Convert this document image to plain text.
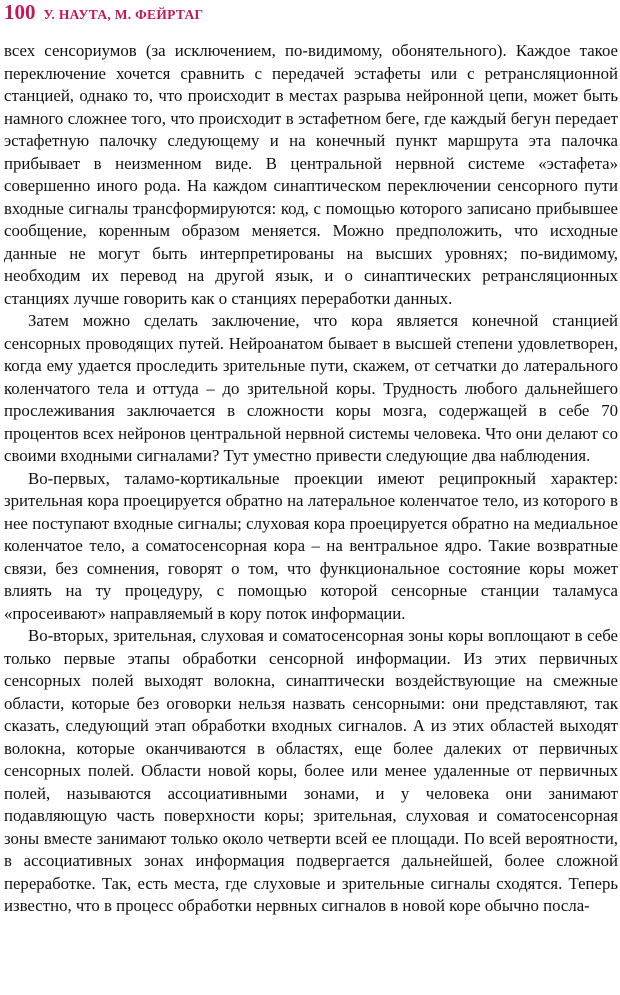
100 У. НАУТА, М. ФЕЙРТАГ

всех сенсориумов (за исключением, по-видимому, обонятельного). Каждое такое переключение хочется сравнить с передачей эстафеты или с ретрансляционной станцией, однако то, что происходит в местах разрыва нейронной цепи, может быть намного сложнее того, что происходит в эстафетном беге, где каждый бегун передает эстафетную палочку следующему и на конечный пункт маршрута эта палочка прибывает в неизменном виде. В центральной нервной системе «эстафета» совершенно иного рода. На каждом синаптическом переключении сенсорного пути входные сигналы трансформируются: код, с помощью которого записано прибывшее сообщение, коренным образом меняется. Можно предположить, что исходные данные не могут быть интерпретированы на высших уровнях; по-видимому, необходим их перевод на другой язык, и о синаптических ретрансляционных станциях лучше говорить как о станциях переработки данных.

Затем можно сделать заключение, что кора является конечной станцией сенсорных проводящих путей. Нейроанатом бывает в высшей степени удовлетворен, когда ему удается проследить зрительные пути, скажем, от сетчатки до латерального коленчатого тела и оттуда – до зрительной коры. Трудность любого дальнейшего прослеживания заключается в сложности коры мозга, содержащей в себе 70 процентов всех нейронов центральной нервной системы человека. Что они делают со своими входными сигналами? Тут уместно привести следующие два наблюдения.

Во-первых, таламо-кортикальные проекции имеют реципрокный характер: зрительная кора проецируется обратно на латеральное коленчатое тело, из которого в нее поступают входные сигналы; слуховая кора проецируется обратно на медиальное коленчатое тело, а соматосенсорная кора – на вентральное ядро. Такие возвратные связи, без сомнения, говорят о том, что функциональное состояние коры может влиять на ту процедуру, с помощью которой сенсорные станции таламуса «просеивают» направляемый в кору поток информации.

Во-вторых, зрительная, слуховая и соматосенсорная зоны коры воплощают в себе только первые этапы обработки сенсорной информации. Из этих первичных сенсорных полей выходят волокна, синаптически воздействующие на смежные области, которые без оговорки нельзя назвать сенсорными: они представляют, так сказать, следующий этап обработки входных сигналов. А из этих областей выходят волокна, которые оканчиваются в областях, еще более далеких от первичных сенсорных полей. Области новой коры, более или менее удаленные от первичных полей, называются ассоциативными зонами, и у человека они занимают подавляющую часть поверхности коры; зрительная, слуховая и соматосенсорная зоны вместе занимают только около четверти всей ее площади. По всей вероятности, в ассоциативных зонах информация подвергается дальнейшей, более сложной переработке. Так, есть места, где слуховые и зрительные сигналы сходятся. Теперь известно, что в процесс обработки нервных сигналов в новой коре обычно посла-
